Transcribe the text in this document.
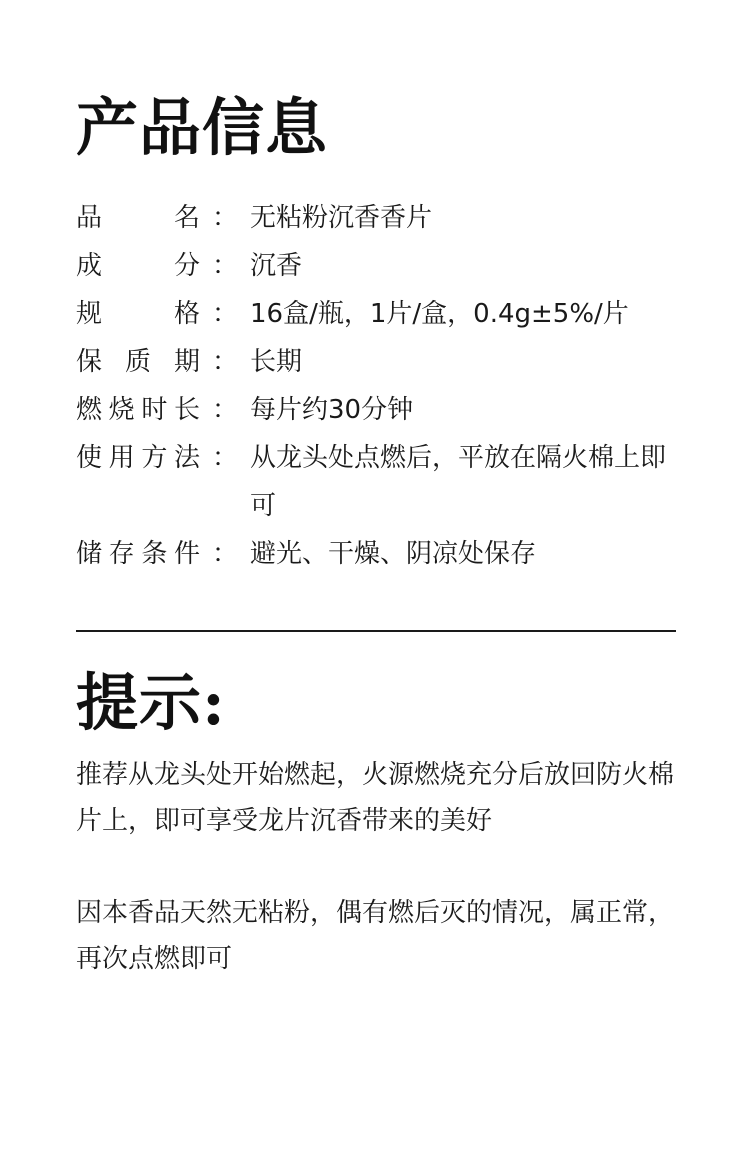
产品信息
品	名 ： 无粘粉沉香香片
成	分 ： 沉香
规	格 ： 16盒/瓶，1片/盒，0.4g±5%/片
保 质 期 ： 长期
燃 烧 时 长 ： 每片约30分钟
使 用 方 法 ： 从龙头处点燃后，平放在隔火棉上即可
储 存 条 件 ： 避光、干燥、阴凉处保存
提示:

推荐从龙头处开始燃起，火源燃烧充分后放回防火棉片上，即可享受龙片沉香带来的美好

因本香品天然无粘粉，偶有燃后灭的情况，属正常，再次点燃即可
